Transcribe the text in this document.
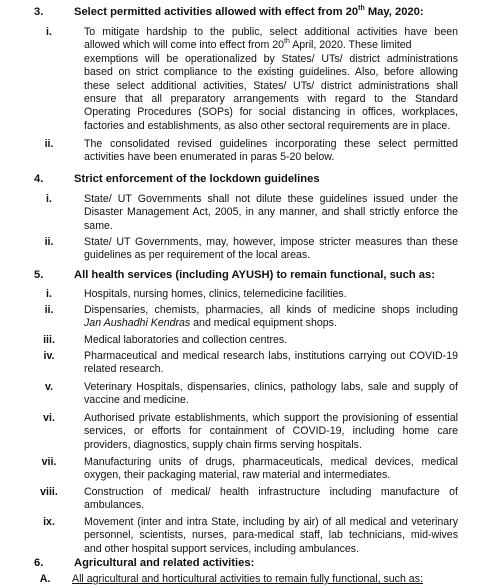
3.	Select permitted activities allowed with effect from 20th May, 2020:
i.	To mitigate hardship to the public, select additional activities have been
allowed which will come into effect from 20th April, 2020. These limited
exemptions will be operationalized by States/ UTs/ district administrations
based on strict compliance to the existing guidelines. Also, before allowing
these select additional activities, States/ UTs/ district administrations shall
ensure that all preparatory arrangements with regard to the Standard
Operating Procedures (SOPs) for social distancing in offices, workplaces,
factories and establishments, as also other sectoral requirements are in place.
ii.	The consolidated revised guidelines incorporating these select permitted
activities have been enumerated in paras 5-20 below.
4.	Strict enforcement of the lockdown guidelines
i.	State/ UT Governments shall not dilute these guidelines issued under the
Disaster Management Act, 2005, in any manner, and shall strictly enforce the
same.
ii.	State/ UT Governments, may, however, impose stricter measures than these
guidelines as per requirement of the local areas.
5.	All health services (including AYUSH) to remain functional, such as:
i.	Hospitals, nursing homes, clinics, telemedicine facilities.
ii.	Dispensaries, chemists, pharmacies, all kinds of medicine shops including
Jan Aushadhi Kendras and medical equipment shops.
iii.	Medical laboratories and collection centres.
iv.	Pharmaceutical and medical research labs, institutions carrying out COVID-19
related research.
v.	Veterinary Hospitals, dispensaries, clinics, pathology labs, sale and supply of
vaccine and medicine.
vi.	Authorised private establishments, which support the provisioning of essential
services, or efforts for containment of COVID-19, including home care
providers, diagnostics, supply chain firms serving hospitals.
vii.	Manufacturing units of drugs, pharmaceuticals, medical devices, medical
oxygen, their packaging material, raw material and intermediates.
viii.	Construction of medical/ health infrastructure including manufacture of
ambulances.
ix.	Movement (inter and intra State, including by air) of all medical and veterinary
personnel, scientists, nurses, para-medical staff, lab technicians, mid-wives
and other hospital support services, including ambulances.
6.	Agricultural and related activities:
A.	All agricultural and horticultural activities to remain fully functional, such as:
